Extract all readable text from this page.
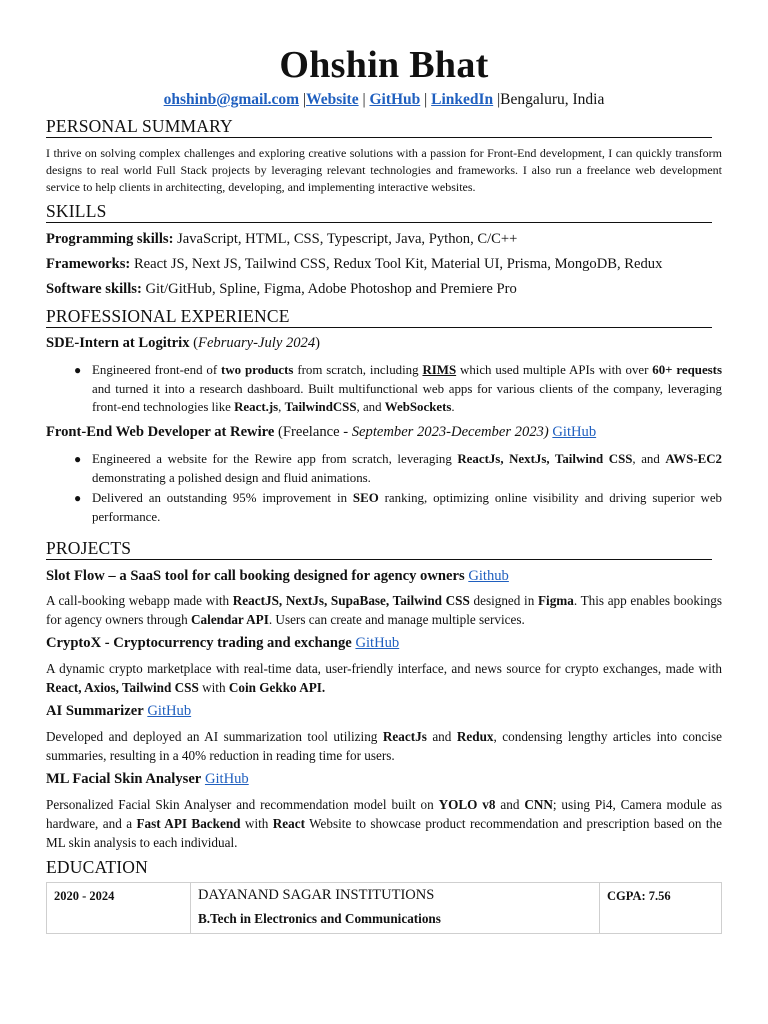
Ohshin Bhat
ohshinb@gmail.com |Website | GitHub | LinkedIn |Bengaluru, India
PERSONAL SUMMARY
I thrive on solving complex challenges and exploring creative solutions with a passion for Front-End development, I can quickly transform designs to real world Full Stack projects by leveraging relevant technologies and frameworks. I also run a freelance web development service to help clients in architecting, developing, and implementing interactive websites.
SKILLS
Programming skills: JavaScript, HTML, CSS, Typescript, Java, Python, C/C++
Frameworks: React JS, Next JS, Tailwind CSS, Redux Tool Kit, Material UI, Prisma, MongoDB, Redux
Software skills: Git/GitHub, Spline, Figma, Adobe Photoshop and Premiere Pro
PROFESSIONAL EXPERIENCE
SDE-Intern at Logitrix (February-July 2024)
● Engineered front-end of two products from scratch, including RIMS which used multiple APIs with over 60+ requests and turned it into a research dashboard. Built multifunctional web apps for various clients of the company, leveraging front-end technologies like React.js, TailwindCSS, and WebSockets.
Front-End Web Developer at Rewire (Freelance - September 2023-December 2023) GitHub
● Engineered a website for the Rewire app from scratch, leveraging ReactJs, NextJs, Tailwind CSS, and AWS-EC2 demonstrating a polished design and fluid animations.
● Delivered an outstanding 95% improvement in SEO ranking, optimizing online visibility and driving superior web performance.
PROJECTS
Slot Flow – a SaaS tool for call booking designed for agency owners Github
A call-booking webapp made with ReactJS, NextJs, SupaBase, Tailwind CSS designed in Figma. This app enables bookings for agency owners through Calendar API. Users can create and manage multiple services.
CryptoX - Cryptocurrency trading and exchange GitHub
A dynamic crypto marketplace with real-time data, user-friendly interface, and news source for crypto exchanges, made with React, Axios, Tailwind CSS with Coin Gekko API.
AI Summarizer GitHub
Developed and deployed an AI summarization tool utilizing ReactJs and Redux, condensing lengthy articles into concise summaries, resulting in a 40% reduction in reading time for users.
ML Facial Skin Analyser GitHub
Personalized Facial Skin Analyser and recommendation model built on YOLO v8 and CNN; using Pi4, Camera module as hardware, and a Fast API Backend with React Website to showcase product recommendation and prescription based on the ML skin analysis to each individual.
EDUCATION
2020 - 2024	DAYANAND SAGAR INSTITUTIONS
B.Tech in Electronics and Communications
CGPA: 7.56
